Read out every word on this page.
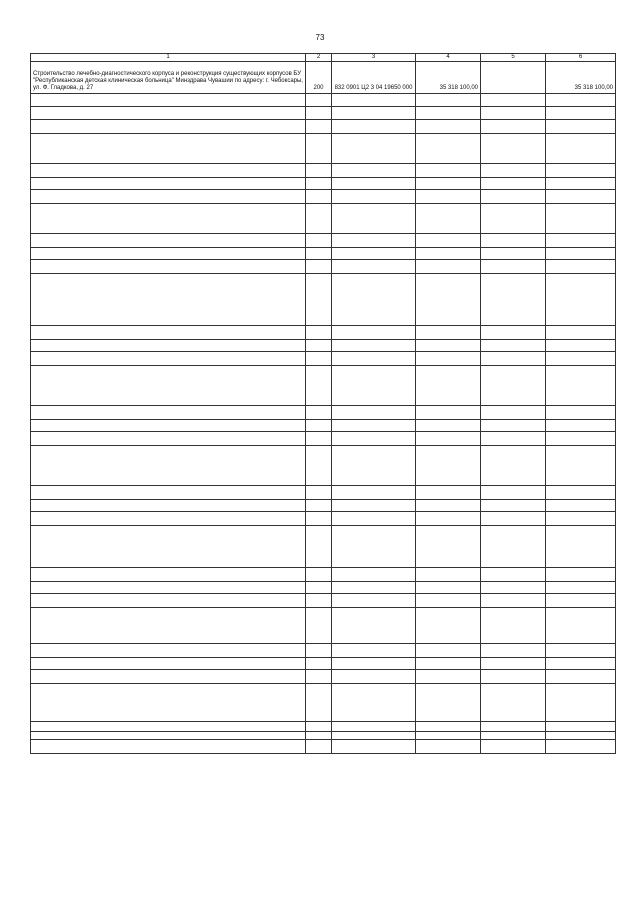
73
1	2	3	4	5	6
Строительство лечебно-диагностического корпуса и реконструкция существующих корпусов БУ "Республиканская детская клиническая больница" Минздрава Чувашии по адресу: г. Чебоксары, ул. Ф. Гладкова, д. 27	200	832 0901 Ц2 3 04 19650 000	35 318 100,00		35 318 100,00
